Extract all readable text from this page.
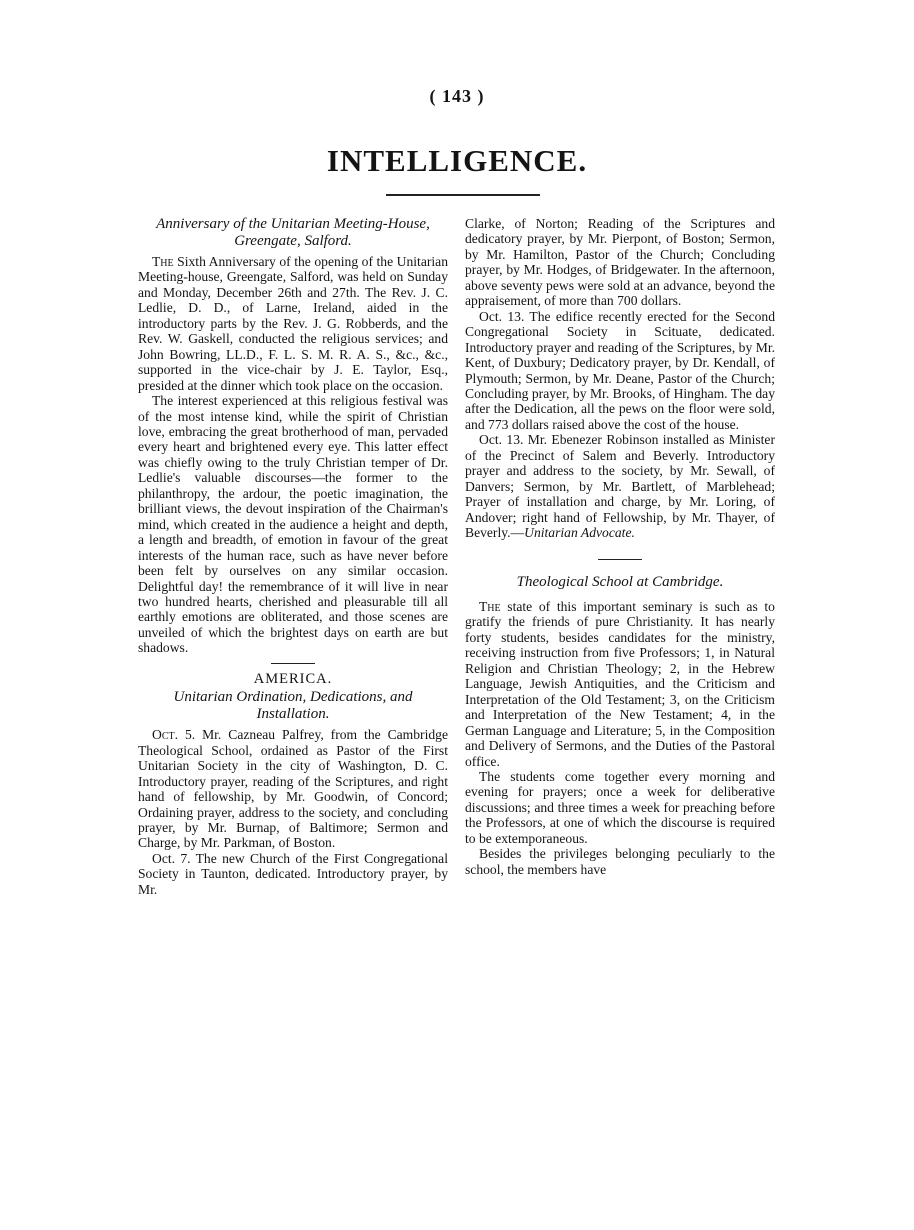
( 143 )
INTELLIGENCE.
Anniversary of the Unitarian Meeting-House, Greengate, Salford.

The Sixth Anniversary of the opening of the Unitarian Meeting-house, Greengate, Salford, was held on Sunday and Monday, December 26th and 27th. The Rev. J. C. Ledlie, D. D., of Larne, Ireland, aided in the introductory parts by the Rev. J. G. Robberds, and the Rev. W. Gaskell, conducted the religious services; and John Bowring, LL.D., F. L. S. M. R. A. S., &c., &c., supported in the vice-chair by J. E. Taylor, Esq., presided at the dinner which took place on the occasion.

The interest experienced at this religious festival was of the most intense kind, while the spirit of Christian love, embracing the great brotherhood of man, pervaded every heart and brightened every eye. This latter effect was chiefly owing to the truly Christian temper of Dr. Ledlie's valuable discourses—the former to the philanthropy, the ardour, the poetic imagination, the brilliant views, the devout inspiration of the Chairman's mind, which created in the audience a height and depth, a length and breadth, of emotion in favour of the great interests of the human race, such as have never before been felt by ourselves on any similar occasion. Delightful day! the remembrance of it will live in near two hundred hearts, cherished and pleasurable till all earthly emotions are obliterated, and those scenes are unveiled of which the brightest days on earth are but shadows.

AMERICA.
Unitarian Ordination, Dedications, and Installation.

Oct. 5. Mr. Cazneau Palfrey, from the Cambridge Theological School, ordained as Pastor of the First Unitarian Society in the city of Washington, D. C. Introductory prayer, reading of the Scriptures, and right hand of fellowship, by Mr. Goodwin, of Concord; Ordaining prayer, address to the society, and concluding prayer, by Mr. Burnap, of Baltimore; Sermon and Charge, by Mr. Parkman, of Boston.

Oct. 7. The new Church of the First Congregational Society in Taunton, dedicated. Introductory prayer, by Mr.

Clarke, of Norton; Reading of the Scriptures and dedicatory prayer, by Mr. Pierpont, of Boston; Sermon, by Mr. Hamilton, Pastor of the Church; Concluding prayer, by Mr. Hodges, of Bridgewater. In the afternoon, above seventy pews were sold at an advance, beyond the appraisement, of more than 700 dollars.

Oct. 13. The edifice recently erected for the Second Congregational Society in Scituate, dedicated. Introductory prayer and reading of the Scriptures, by Mr. Kent, of Duxbury; Dedicatory prayer, by Dr. Kendall, of Plymouth; Sermon, by Mr. Deane, Pastor of the Church; Concluding prayer, by Mr. Brooks, of Hingham. The day after the Dedication, all the pews on the floor were sold, and 773 dollars raised above the cost of the house.

Oct. 13. Mr. Ebenezer Robinson installed as Minister of the Precinct of Salem and Beverly. Introductory prayer and address to the society, by Mr. Sewall, of Danvers; Sermon, by Mr. Bartlett, of Marblehead; Prayer of installation and charge, by Mr. Loring, of Andover; right hand of Fellowship, by Mr. Thayer, of Beverly.—Unitarian Advocate.

Theological School at Cambridge.

The state of this important seminary is such as to gratify the friends of pure Christianity. It has nearly forty students, besides candidates for the ministry, receiving instruction from five Professors; 1, in Natural Religion and Christian Theology; 2, in the Hebrew Language, Jewish Antiquities, and the Criticism and Interpretation of the Old Testament; 3, on the Criticism and Interpretation of the New Testament; 4, in the German Language and Literature; 5, in the Composition and Delivery of Sermons, and the Duties of the Pastoral office.

The students come together every morning and evening for prayers; once a week for deliberative discussions; and three times a week for preaching before the Professors, at one of which the discourse is required to be extemporaneous.

Besides the privileges belonging peculiarly to the school, the members have
